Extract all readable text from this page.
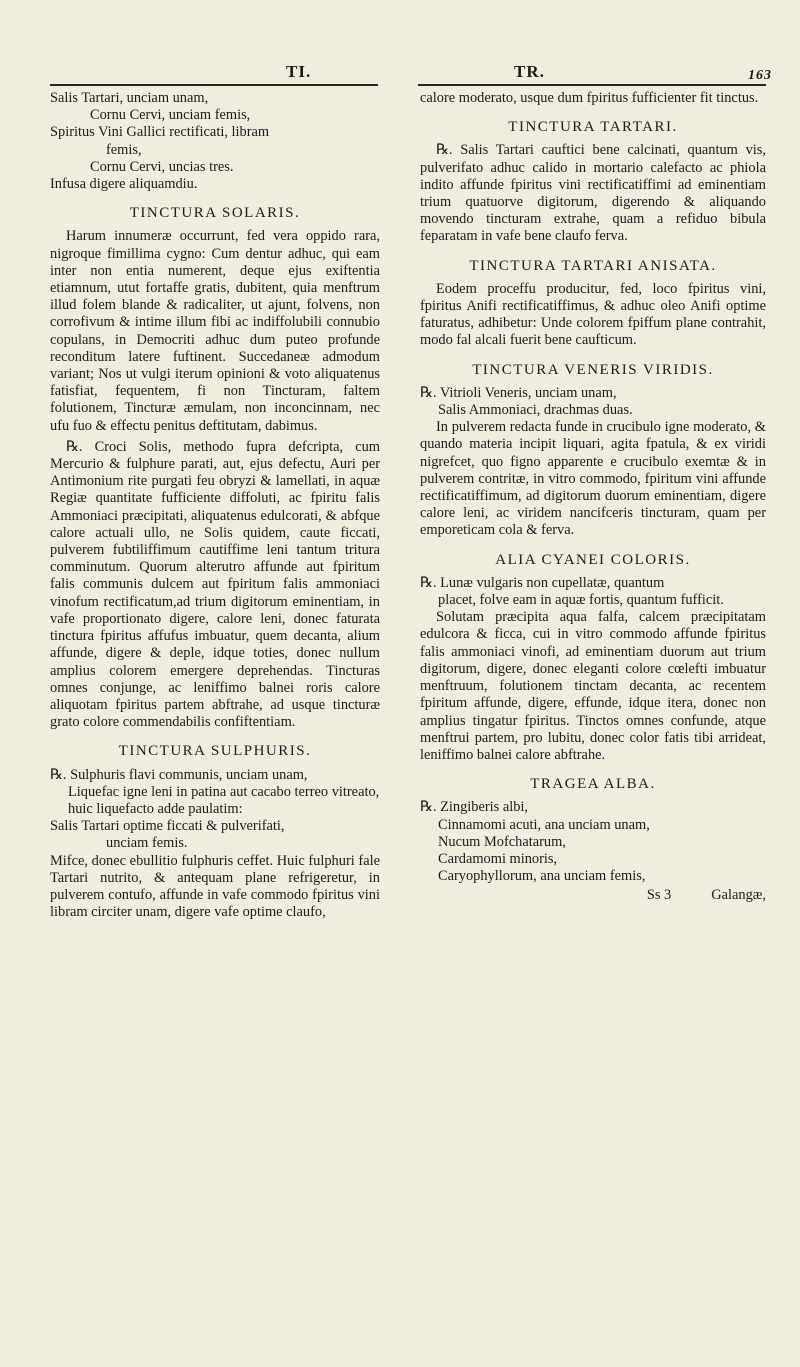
TI.	TR.	163
Salis Tartari, unciam unam,
Cornu Cervi, unciam femis,
Spiritus Vini Gallici rectificati, libram
femis,
Cornu Cervi, uncias tres.
Infusa digere aliquamdiu.
TINCTURA SOLARIS.

Harum innumeræ occurrunt, fed vera oppido rara, nigroque fimillima cygno: Cum dentur adhuc, qui eam inter non entia numerent, deque ejus exiftentia etiamnum, utut fortaffe gratis, dubitent, quia menftrum illud folem blande & radicaliter, ut ajunt, folvens, non corrofivum & intime illum fibi ac indiffolubili connubio copulans, in Democriti adhuc dum puteo profunde reconditum latere fuftinent. Succedaneæ admodum variant; Nos ut vulgi iterum opinioni & voto aliquatenus fatisfiat, fequentem, fi non Tincturam, faltem folutionem, Tincturæ æmulam, non inconcinnam, nec ufu fuo & effectu penitus deftitutam, dabimus.

℞. Croci Solis, methodo fupra defcripta, cum Mercurio & fulphure parati, aut, ejus defectu, Auri per Antimonium rite purgati feu obryzi & lamellati, in aquæ Regiæ quantitate fufficiente diffoluti, ac fpiritu falis Ammoniaci præcipitati, aliquatenus edulcorati, & abfque calore actuali ullo, ne Solis quidem, caute ficcati, pulverem fubtiliffimum cautiffime leni tantum tritura comminutum. Quorum alterutro affunde aut fpiritum falis communis dulcem aut fpiritum falis ammoniaci vinofum rectificatum,ad trium digitorum eminentiam, in vafe proportionato digere, calore leni, donec faturata tinctura fpiritus affufus imbuatur, quem decanta, alium affunde, digere & deple, idque toties, donec nullum amplius colorem emergere deprehendas. Tincturas omnes conjunge, ac leniffimo balnei roris calore aliquotam fpiritus partem abftrahe, ad usque tincturæ grato colore commendabilis confiftentiam.

TINCTURA SULPHURIS.
℞. Sulphuris flavi communis, unciam unam,
Liquefac igne leni in patina aut cacabo terreo vitreato, huic liquefacto adde paulatim:
Salis Tartari optime ficcati & pulverifati,
unciam femis.

Mifce, donec ebullitio fulphuris ceffet. Huic fulphuri fale Tartari nutrito, & antequam plane refrigeretur, in pulverem contufo, affunde in vafe commodo fpiritus vini libram circiter unam, digere vafe optime claufo,

calore moderato, usque dum fpiritus fufficienter fit tinctus.

TINCTURA TARTARI.

℞. Salis Tartari cauftici bene calcinati, quantum vis, pulverifato adhuc calido in mortario calefacto ac phiola indito affunde fpiritus vini rectificatiffimi ad eminentiam trium quatuorve digitorum, digerendo & aliquando movendo tincturam extrahe, quam a refiduo bibula feparatam in vafe bene claufo ferva.

TINCTURA TARTARI ANISATA.

Eodem proceffu producitur, fed, loco fpiritus vini, fpiritus Anifi rectificatiffimus, & adhuc oleo Anifi optime faturatus, adhibetur: Unde colorem fpiffum plane contrahit, modo fal alcali fuerit bene caufticum.

TINCTURA VENERIS VIRIDIS.
℞. Vitrioli Veneris, unciam unam,
Salis Ammoniaci, drachmas duas.

In pulverem redacta funde in crucibulo igne moderato, & quando materia incipit liquari, agita fpatula, & ex viridi nigrefcet, quo figno apparente e crucibulo exemtæ & in pulverem contritæ, in vitro commodo, fpiritum vini affunde rectificatiffimum, ad digitorum duorum eminentiam, digere calore leni, ac viridem nancifceris tincturam, quam per emporeticam cola & ferva.

ALIA CYANEI COLORIS.
℞. Lunæ vulgaris non cupellatæ, quantum
placet, folve eam in aquæ fortis, quantum fufficit.

Solutam præcipita aqua falfa, calcem præcipitatam edulcora & ficca, cui in vitro commodo affunde fpiritus falis ammoniaci vinofi, ad eminentiam duorum aut trium digitorum, digere, donec eleganti colore cœlefti imbuatur menftruum, folutionem tinctam decanta, ac recentem fpiritum affunde, digere, effunde, idque itera, donec non amplius tingatur fpiritus. Tinctos omnes confunde, atque menftrui partem, pro lubitu, donec color fatis tibi arrideat, leniffimo balnei calore abftrahe.

TRAGEA ALBA.
℞. Zingiberis albi,
Cinnamomi acuti, ana unciam unam,
Nucum Mofchatarum,
Cardamomi minoris,
Caryophyllorum, ana unciam femis,
Ss 3	Galangæ,
